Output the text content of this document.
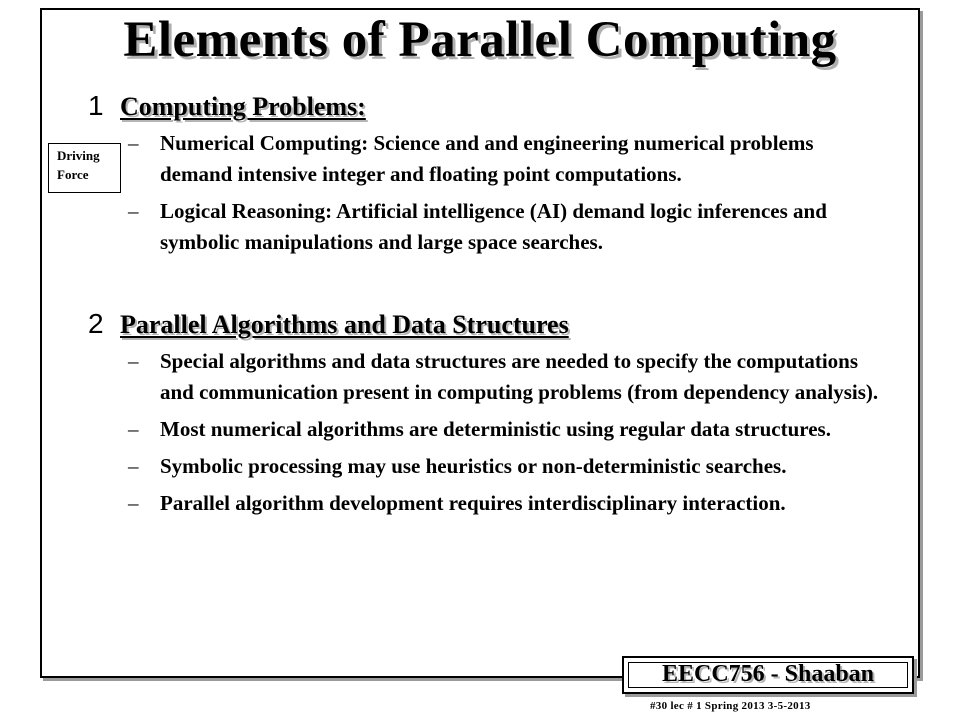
Elements of Parallel Computing
Driving
Force
1 Computing Problems:
– Numerical Computing: Science and and engineering numerical problems demand intensive integer and floating point computations.
– Logical Reasoning: Artificial intelligence (AI) demand logic inferences and symbolic manipulations and large space searches.
2 Parallel Algorithms and Data Structures
– Special algorithms and data structures are needed to specify the computations and communication present in computing problems (from dependency analysis).
– Most numerical algorithms are deterministic using regular data structures.
– Symbolic processing may use heuristics or non-deterministic searches.
– Parallel algorithm development requires interdisciplinary interaction.
EECC756 - Shaaban
#30 lec # 1 Spring 2013 3-5-2013
